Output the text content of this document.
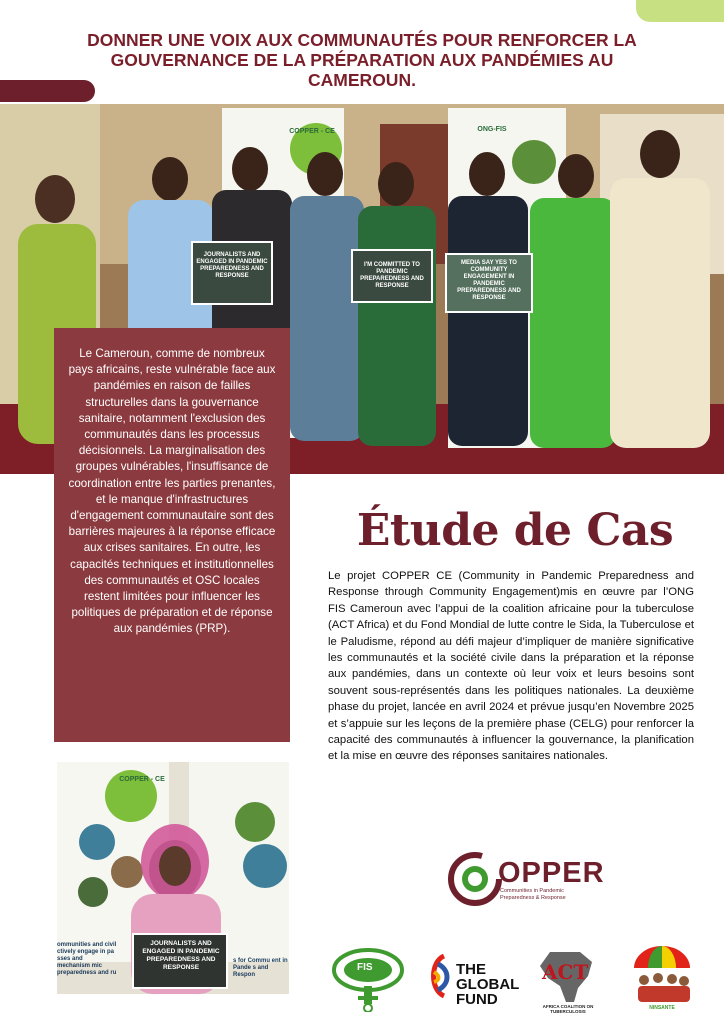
DONNER UNE VOIX AUX COMMUNAUTÉS POUR RENFORCER LA
GOUVERNANCE DE LA PRÉPARATION AUX PANDÉMIES AU
CAMEROUN.
JOURNALISTS AND ENGAGED IN PANDEMIC PREPAREDNESS AND RESPONSE
I'M COMMITTED TO PANDEMIC PREPAREDNESS AND RESPONSE
MEDIA SAY YES TO COMMUNITY ENGAGEMENT IN PANDEMIC PREPAREDNESS AND RESPONSE
COPPER - CE	ONG-FIS

Le Cameroun, comme de nombreux pays africains, reste vulnérable face aux pandémies en raison de failles structurelles dans la gouvernance sanitaire, notamment l'exclusion des communautés dans les processus décisionnels. La marginalisation des groupes vulnérables, l'insuffisance de coordination entre les parties prenantes, et le manque d'infrastructures d'engagement communautaire sont des barrières majeures à la réponse efficace aux crises sanitaires. En outre, les capacités techniques et institutionnelles des communautés et OSC locales restent limitées pour influencer les politiques de préparation et de réponse aux pandémies (PRP).

Étude de Cas
Le projet COPPER CE (Community in Pandemic Preparedness and Response through Community Engagement)mis en œuvre par l’ONG FIS Cameroun avec l’appui de la coalition africaine pour la tuberculose (ACT Africa) et du Fond Mondial de lutte contre le Sida, la Tuberculose et le Paludisme, répond au défi majeur d’impliquer de manière significative les communautés et la société civile dans la préparation et la réponse aux pandémies, dans un contexte où leur voix et leurs besoins sont souvent sous-représentés dans les politiques nationales. La deuxième phase du projet, lancée en avril 2024 et prévue jusqu’en Novembre 2025 et s’appuie sur les leçons de la première phase (CELG) pour renforcer la capacité des communautés à influencer la gouvernance, la planification et la mise en œuvre des réponses sanitaires nationales.
JOURNALISTS AND ENGAGED IN PANDEMIC PREPAREDNESS AND RESPONSE
COPPER - CE
ommunities and civil ctively engage in pa sses and mechanism mic preparedness and ru
s for Commu ent in Pande s and Respon
OPPER
Communities in Pandemic
Preparedness & Response
FIS	THE
GLOBAL
FUND
ACT
AFRICA COALITION ON TUBERCULOSIS
NINSANTE
